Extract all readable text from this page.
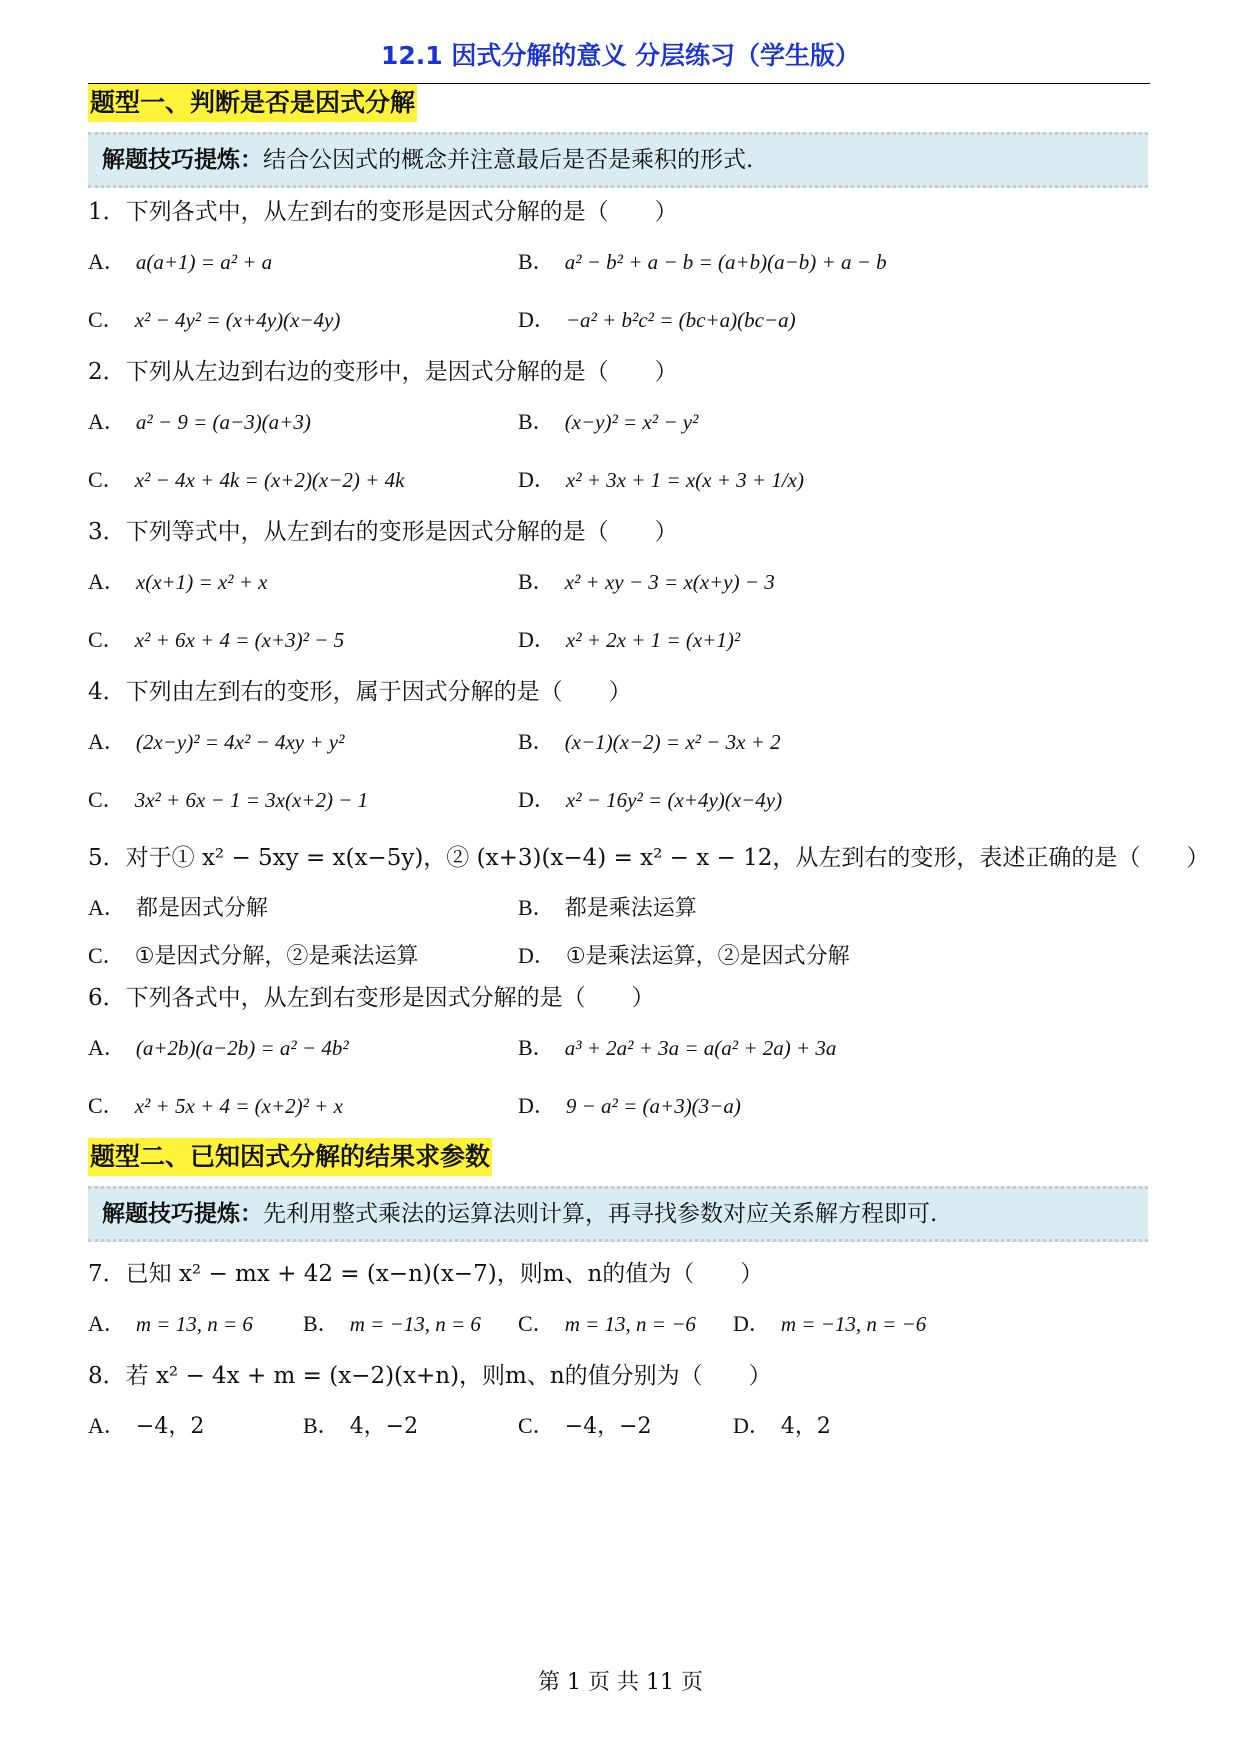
12.1 因式分解的意义 分层练习（学生版）
题型一、判断是否是因式分解
解题技巧提炼：结合公因式的概念并注意最后是否是乘积的形式.
1．下列各式中，从左到右的变形是因式分解的是（　　）
A． a(a+1) = a² + a	B． a² − b² + a − b = (a+b)(a−b) + a − b
C． x² − 4y² = (x+4y)(x−4y)	D． −a² + b²c² = (bc+a)(bc−a)
2．下列从左边到右边的变形中，是因式分解的是（　　）
A． a² − 9 = (a−3)(a+3)	B． (x−y)² = x² − y²
C． x² − 4x + 4k = (x+2)(x−2) + 4k	D． x² + 3x + 1 = x(x + 3 + 1/x)
3．下列等式中，从左到右的变形是因式分解的是（　　）
A． x(x+1) = x² + x	B． x² + xy − 3 = x(x+y) − 3
C． x² + 6x + 4 = (x+3)² − 5	D． x² + 2x + 1 = (x+1)²
4．下列由左到右的变形，属于因式分解的是（　　）
A． (2x−y)² = 4x² − 4xy + y²	B． (x−1)(x−2) = x² − 3x + 2
C． 3x² + 6x − 1 = 3x(x+2) − 1	D． x² − 16y² = (x+4y)(x−4y)
5．对于① x² − 5xy = x(x−5y)，② (x+3)(x−4) = x² − x − 12，从左到右的变形，表述正确的是（　　）
A． 都是因式分解	B． 都是乘法运算
C． ①是因式分解，②是乘法运算	D． ①是乘法运算，②是因式分解
6．下列各式中，从左到右变形是因式分解的是（　　）
A． (a+2b)(a−2b) = a² − 4b²	B． a³ + 2a² + 3a = a(a² + 2a) + 3a
C． x² + 5x + 4 = (x+2)² + x	D． 9 − a² = (a+3)(3−a)
题型二、已知因式分解的结果求参数
解题技巧提炼：先利用整式乘法的运算法则计算，再寻找参数对应关系解方程即可.
7．已知 x² − mx + 42 = (x−n)(x−7)，则m、n的值为（　　）
A． m = 13, n = 6 B． m = −13, n = 6 C． m = 13, n = −6 D． m = −13, n = −6
8．若 x² − 4x + m = (x−2)(x+n)，则m、n的值分别为（　　）
A． −4，2	B． 4，−2	C． −4，−2	D． 4，2
第 1 页 共 11 页
